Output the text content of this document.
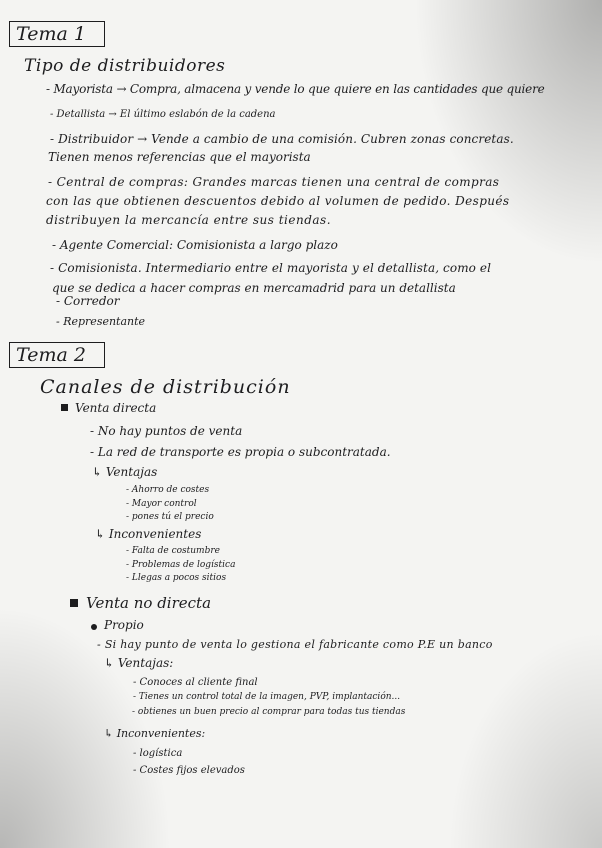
Tema 1
Tipo de distribuidores
- Mayorista → Compra, almacena y vende lo que quiere en las cantidades que quiere
- Detallista → El último eslabón de la cadena
- Distribuidor → Vende a cambio de una comisión. Cubren zonas concretas.
Tienen menos referencias que el mayorista
- Central de compras: Grandes marcas tienen una central de compras
con las que obtienen descuentos debido al volumen de pedido. Después
distribuyen la mercancía entre sus tiendas.
- Agente Comercial: Comisionista a largo plazo
- Comisionista. Intermediario entre el mayorista y el detallista, como el
que se dedica a hacer compras en mercamadrid para un detallista
- Corredor
- Representante
Tema 2
Canales de distribución
Venta directa
- No hay puntos de venta
- La red de transporte es propia o subcontratada.
↳ Ventajas
- Ahorro de costes
- Mayor control
- pones tú el precio
↳ Inconvenientes
- Falta de costumbre
- Problemas de logística
- Llegas a pocos sitios
Venta no directa
Propio
- Si hay punto de venta lo gestiona el fabricante como P.E un banco
↳ Ventajas:
- Conoces al cliente final
- Tienes un control total de la imagen, PVP, implantación...
- obtienes un buen precio al comprar para todas tus tiendas
↳ Inconvenientes:
- logística
- Costes fijos elevados
